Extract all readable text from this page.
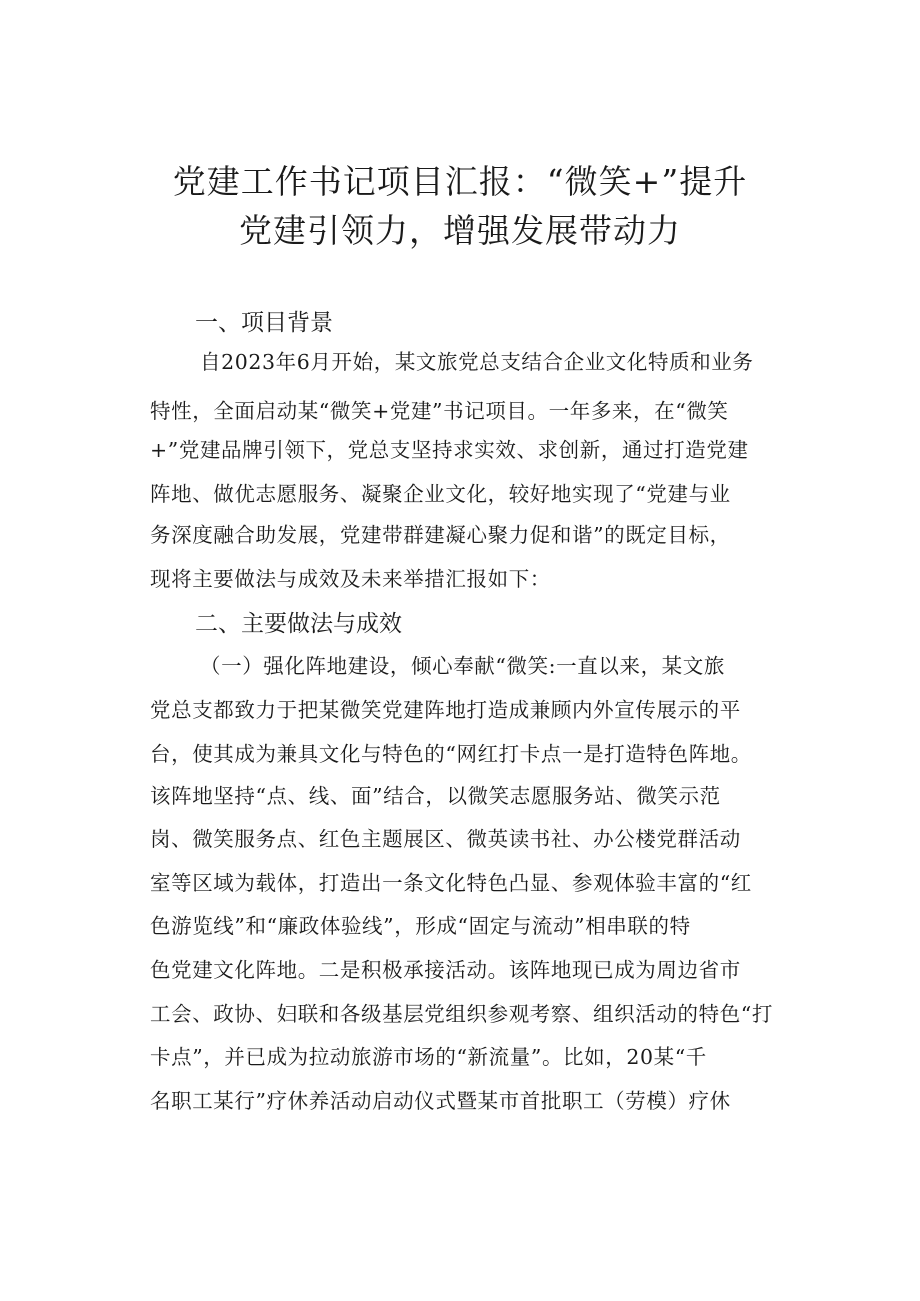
党建工作书记项目汇报：“微笑+”提升
党建引领力，增强发展带动力
一、项目背景
自2023年6月开始，某文旅党总支结合企业文化特质和业务
特性，全面启动某“微笑+党建”书记项目。一年多来，在“微笑
+”党建品牌引领下，党总支坚持求实效、求创新，通过打造党建
阵地、做优志愿服务、凝聚企业文化，较好地实现了“党建与业
务深度融合助发展，党建带群建凝心聚力促和谐”的既定目标，
现将主要做法与成效及未来举措汇报如下：
二、主要做法与成效
（一）强化阵地建设，倾心奉献“微笑:一直以来，某文旅
党总支都致力于把某微笑党建阵地打造成兼顾内外宣传展示的平
台，使其成为兼具文化与特色的“网红打卡点一是打造特色阵地。
该阵地坚持“点、线、面”结合，以微笑志愿服务站、微笑示范
岗、微笑服务点、红色主题展区、微英读书社、办公楼党群活动
室等区域为载体，打造出一条文化特色凸显、参观体验丰富的“红
色游览线”和“廉政体验线”，形成“固定与流动”相串联的特
色党建文化阵地。二是积极承接活动。该阵地现已成为周边省市
工会、政协、妇联和各级基层党组织参观考察、组织活动的特色“打
卡点”，并已成为拉动旅游市场的“新流量”。比如，20某“千
名职工某行”疗休养活动启动仪式暨某市首批职工（劳模）疗休
